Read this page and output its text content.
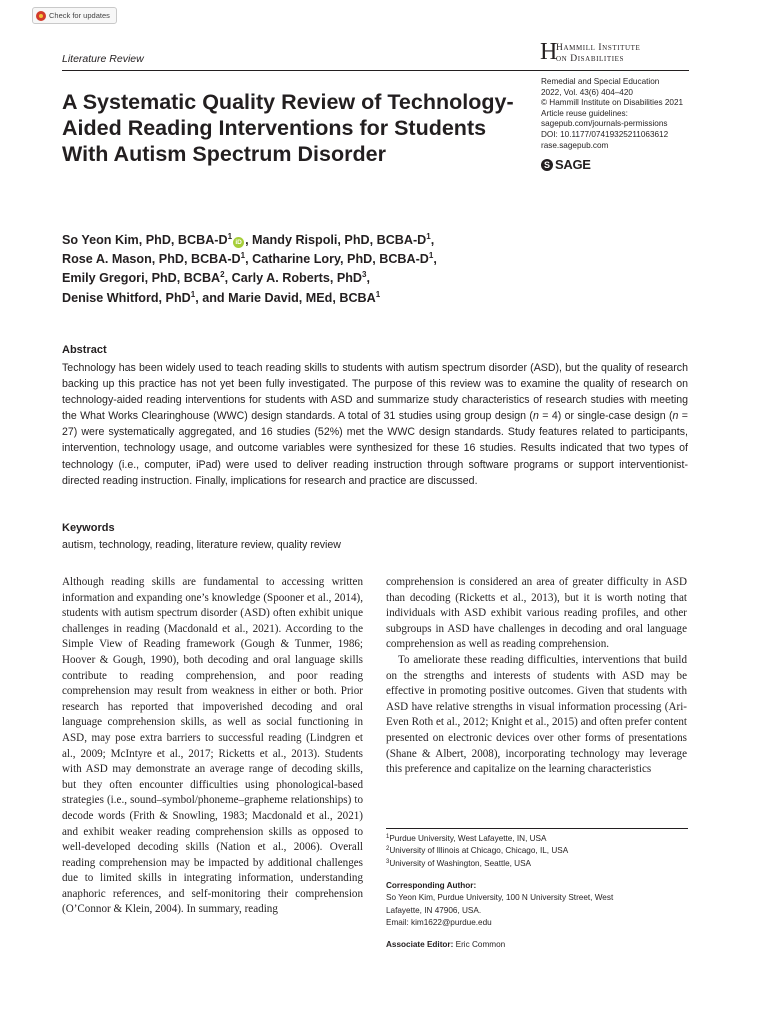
Check for updates
Literature Review	H
Hammill Institute
on Disabilities
A Systematic Quality Review of Technology-Aided Reading Interventions for Students With Autism Spectrum Disorder
Remedial and Special Education
2022, Vol. 43(6) 404–420
© Hammill Institute on Disabilities 2021
Article reuse guidelines:
sagepub.com/journals-permissions
DOI: 10.1177/07419325211063612
rase.sagepub.com
S SAGE
So Yeon Kim, PhD, BCBA-$D^1iD$ , Mandy Rispoli, PhD, BCBA-$D^1$,
Rose A. Mason, PhD, BCBA-$D^1$, Catharine Lory, PhD, BCBA-$D^1$,
Emily Gregori, PhD, BCBA$^2$, Carly A. Roberts, PhD$^3$,
Denise Whitford, PhD$^1$, and Marie David, MEd, BCBA$^1$
Abstract

Technology has been widely used to teach reading skills to students with autism spectrum disorder (ASD), but the quality of research backing up this practice has not yet been fully investigated. The purpose of this review was to examine the quality of research on technology-aided reading interventions for students with ASD and summarize study characteristics of research studies with meeting the What Works Clearinghouse (WWC) design standards. A total of 31 studies using group design (n = 4) or single-case design (n = 27) were systematically aggregated, and 16 studies (52%) met the WWC design standards. Study features related to participants, intervention, technology usage, and outcome variables were synthesized for these 16 studies. Results indicated that two types of technology (i.e., computer, iPad) were used to deliver reading instruction through software programs or support interventionist-directed reading instruction. Finally, implications for research and practice are discussed.

Keywords
autism, technology, reading, literature review, quality review

Although reading skills are fundamental to accessing written information and expanding one’s knowledge (Spooner et al., 2014), students with autism spectrum disorder (ASD) often exhibit unique challenges in reading (Macdonald et al., 2021). According to the Simple View of Reading framework (Gough & Tunmer, 1986; Hoover & Gough, 1990), both decoding and oral language skills contribute to reading comprehension, and poor reading comprehension may result from weakness in either or both. Prior research has reported that impoverished decoding and oral language comprehension skills, as well as social functioning in ASD, may pose extra barriers to successful reading (Lindgren et al., 2009; McIntyre et al., 2017; Ricketts et al., 2013). Students with ASD may demonstrate an average range of decoding skills, but they often encounter difficulties using phonological-based strategies (i.e., sound–symbol/phoneme–grapheme relationships) to decode words (Frith & Snowling, 1983; Macdonald et al., 2021) and exhibit weaker reading comprehension skills as opposed to well-developed decoding skills (Nation et al., 2006). Overall reading comprehension may be impacted by additional challenges due to limited skills in integrating information, understanding anaphoric references, and self-monitoring their comprehension (O’Connor & Klein, 2004). In summary, reading

comprehension is considered an area of greater difficulty in ASD than decoding (Ricketts et al., 2013), but it is worth noting that individuals with ASD exhibit various reading profiles, and other subgroups in ASD have challenges in decoding and oral language comprehension as well as reading comprehension.

To ameliorate these reading difficulties, interventions that build on the strengths and interests of students with ASD may be effective in promoting positive outcomes. Given that students with ASD have relative strengths in visual information processing (Ari-Even Roth et al., 2012; Knight et al., 2015) and often prefer content presented on electronic devices over other forms of presentations (Shane & Albert, 2008), incorporating technology may leverage this preference and capitalize on the learning characteristics

$^1$Purdue University, West Lafayette, IN, USA
$^2$University of Illinois at Chicago, Chicago, IL, USA
$^3$University of Washington, Seattle, USA
Corresponding Author:
So Yeon Kim, Purdue University, 100 N University Street, West
Lafayette, IN 47906, USA.
Email: kim1622@purdue.edu
Associate Editor: Eric Common
